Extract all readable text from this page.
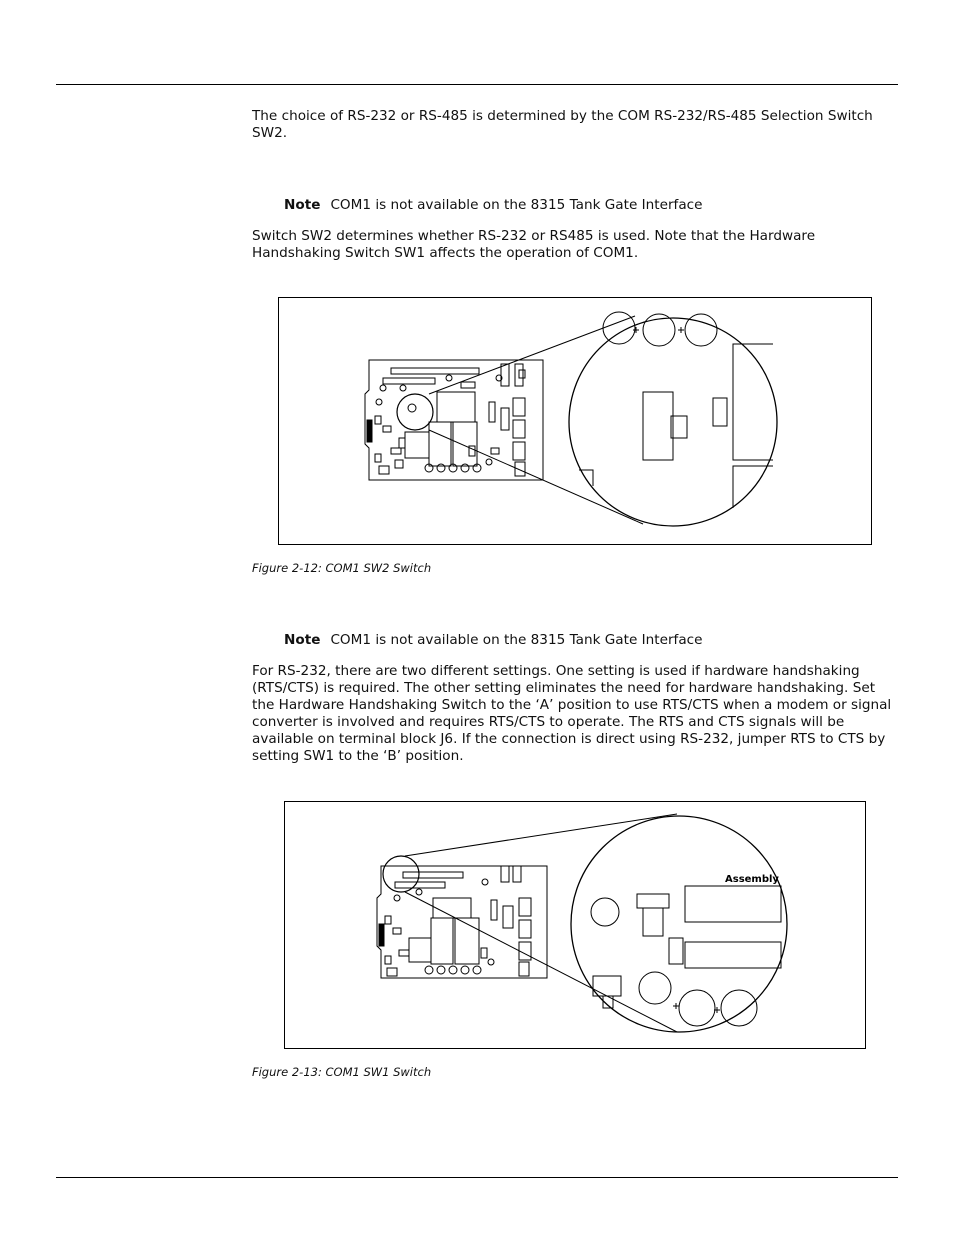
The choice of RS-232 or RS-485 is determined by the COM RS-232/RS-485 Selection Switch SW2.

Note COM1 is not available on the 8315 Tank Gate Interface

Switch SW2 determines whether RS-232 or RS485 is used. Note that the Hardware Handshaking Switch SW1 affects the operation of COM1.

Figure 2-12: COM1 SW2 Switch
Note COM1 is not available on the 8315 Tank Gate Interface

For RS-232, there are two different settings. One setting is used if hardware handshaking (RTS/CTS) is required. The other setting eliminates the need for hardware handshaking. Set the Hardware Handshaking Switch to the ‘A’ position to use RTS/CTS when a modem or signal converter is involved and requires RTS/CTS to operate. The RTS and CTS signals will be available on terminal block J6. If the connection is direct using RS-232, jumper RTS to CTS by setting SW1 to the ‘B’ position.

Assembly
Figure 2-13: COM1 SW1 Switch
